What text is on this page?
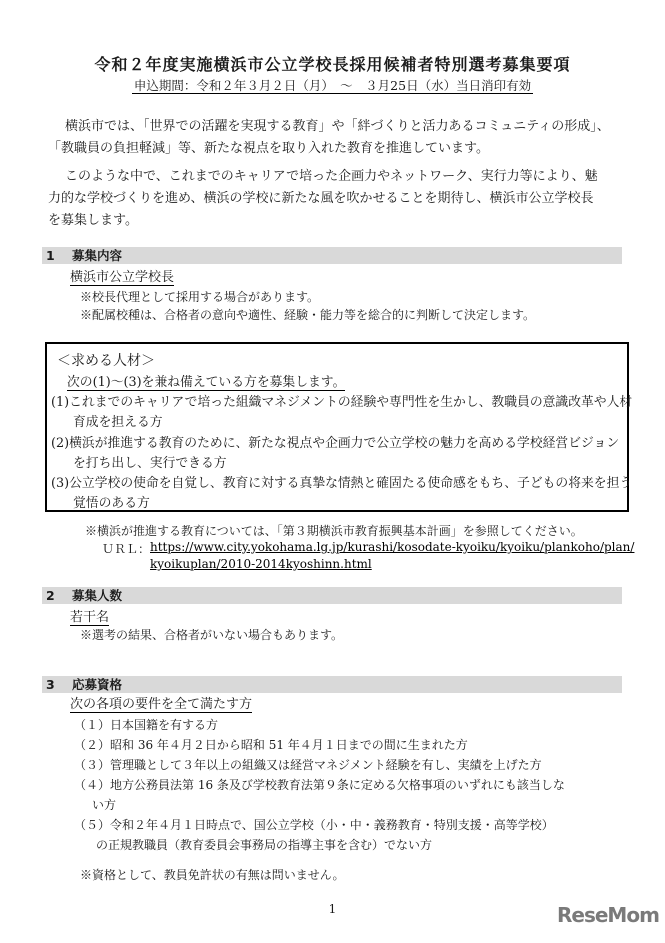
令和２年度実施横浜市公立学校長採用候補者特別選考募集要項
申込期間：令和２年３月２日（月）　～　３月25日（水）当日消印有効
　横浜市では、「世界での活躍を実現する教育」や「絆づくりと活力あるコミュニティの形成」、
「教職員の負担軽減」等、新たな視点を取り入れた教育を推進しています。
　このような中で、これまでのキャリアで培った企画力やネットワーク、実行力等により、魅
力的な学校づくりを進め、横浜の学校に新たな風を吹かせることを期待し、横浜市公立学校長
を募集します。
1 募集内容
横浜市公立学校長
※校長代理として採用する場合があります。
※配属校種は、合格者の意向や適性、経験・能力等を総合的に判断して決定します。
＜求める人材＞
次の(1)～(3)を兼ね備えている方を募集します。
(1)これまでのキャリアで培った組織マネジメントの経験や専門性を生かし、教職員の意識改革や人材
育成を担える方
(2)横浜が推進する教育のために、新たな視点や企画力で公立学校の魅力を高める学校経営ビジョン
を打ち出し、実行できる方
(3)公立学校の使命を自覚し、教育に対する真摯な情熱と確固たる使命感をもち、子どもの将来を担う
覚悟のある方
※横浜が推進する教育については、「第３期横浜市教育振興基本計画」を参照してください。
ＵＲＬ： https://www.city.yokohama.lg.jp/kurashi/kosodate-kyoiku/kyoiku/plankoho/plan/
kyoikuplan/2010-2014kyoshinn.html
2 募集人数
若干名
※選考の結果、合格者がいない場合もあります。
3 応募資格
次の各項の要件を全て満たす方
（１）日本国籍を有する方
（２）昭和 36 年４月２日から昭和 51 年４月１日までの間に生まれた方
（３）管理職として３年以上の組織又は経営マネジメント経験を有し、実績を上げた方
（４）地方公務員法第 16 条及び学校教育法第９条に定める欠格事項のいずれにも該当しな
い方
（５）令和２年４月１日時点で、国公立学校（小・中・義務教育・特別支援・高等学校）
の正規教職員（教育委員会事務局の指導主事を含む）でない方
※資格として、教員免許状の有無は問いません。
1	ReseMom
